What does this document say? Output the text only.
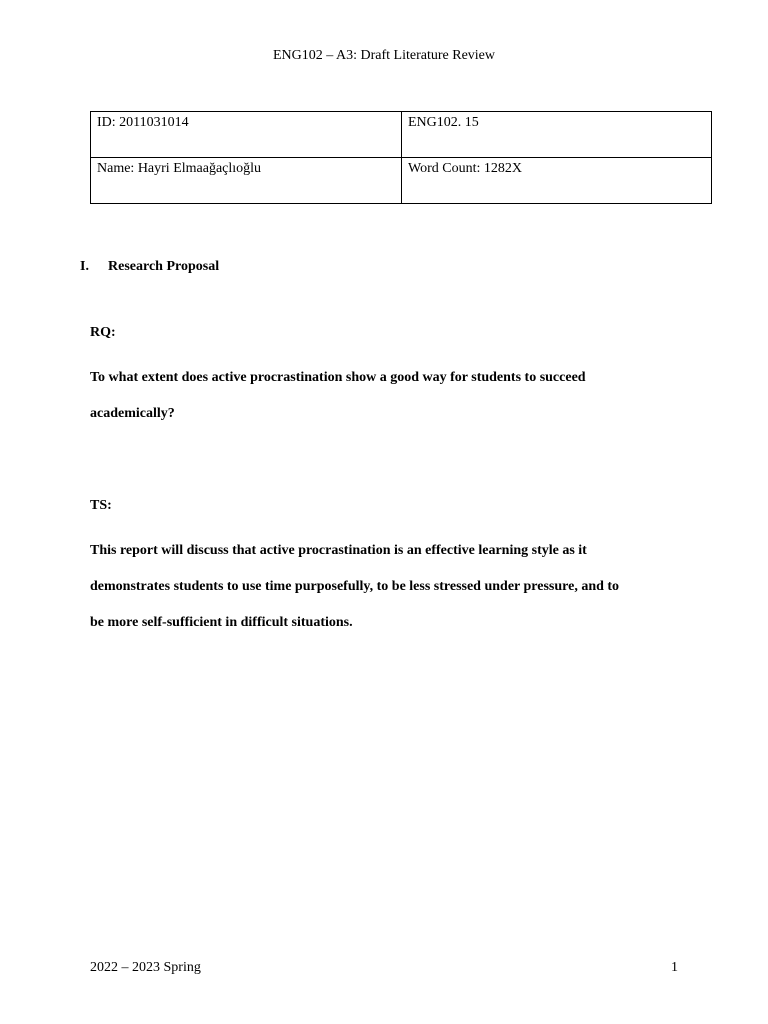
ENG102 – A3: Draft Literature Review
ID: 2011031014	ENG102. 15
Name: Hayri Elmaağaçlıoğlu	Word Count: 1282X
I. Research Proposal
RQ:
To what extent does active procrastination show a good way for students to succeed
academically?
TS:
This report will discuss that active procrastination is an effective learning style as it
demonstrates students to use time purposefully, to be less stressed under pressure, and to
be more self-sufficient in difficult situations.
2022 – 2023 Spring	1
